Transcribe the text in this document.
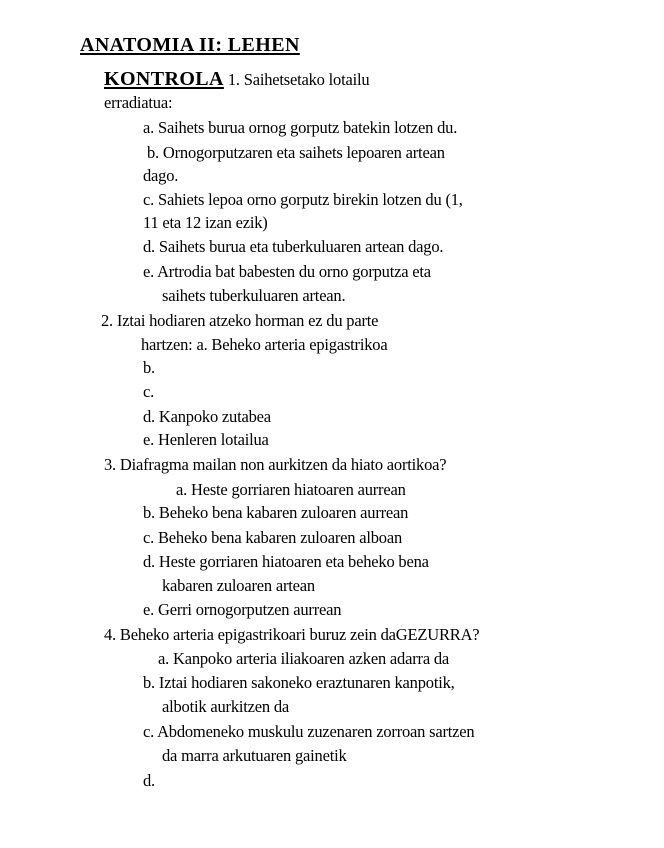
ANATOMIA II: LEHEN
KONTROLA 1. Saihetsetako lotailu
erradiatua:
a. Saihets burua ornog gorputz batekin lotzen du.
b. Ornogorputzaren eta saihets lepoaren artean
dago.
c. Sahiets lepoa orno gorputz birekin lotzen du (1,
11 eta 12 izan ezik)
d. Saihets burua eta tuberkuluaren artean dago.
e. Artrodia bat babesten du orno gorputza eta
saihets tuberkuluaren artean.
2. Iztai hodiaren atzeko horman ez du parte
hartzen: a. Beheko arteria epigastrikoa
b.
c.
d. Kanpoko zutabea
e. Henleren lotailua
3. Diafragma mailan non aurkitzen da hiato aortikoa?
a. Heste gorriaren hiatoaren aurrean
b. Beheko bena kabaren zuloaren aurrean
c. Beheko bena kabaren zuloaren alboan
d. Heste gorriaren hiatoaren eta beheko bena
kabaren zuloaren artean
e. Gerri ornogorputzen aurrean
4. Beheko arteria epigastrikoari buruz zein daGEZURRA?
a. Kanpoko arteria iliakoaren azken adarra da
b. Iztai hodiaren sakoneko eraztunaren kanpotik,
albotik aurkitzen da
c. Abdomeneko muskulu zuzenaren zorroan sartzen
da marra arkutuaren gainetik
d.
